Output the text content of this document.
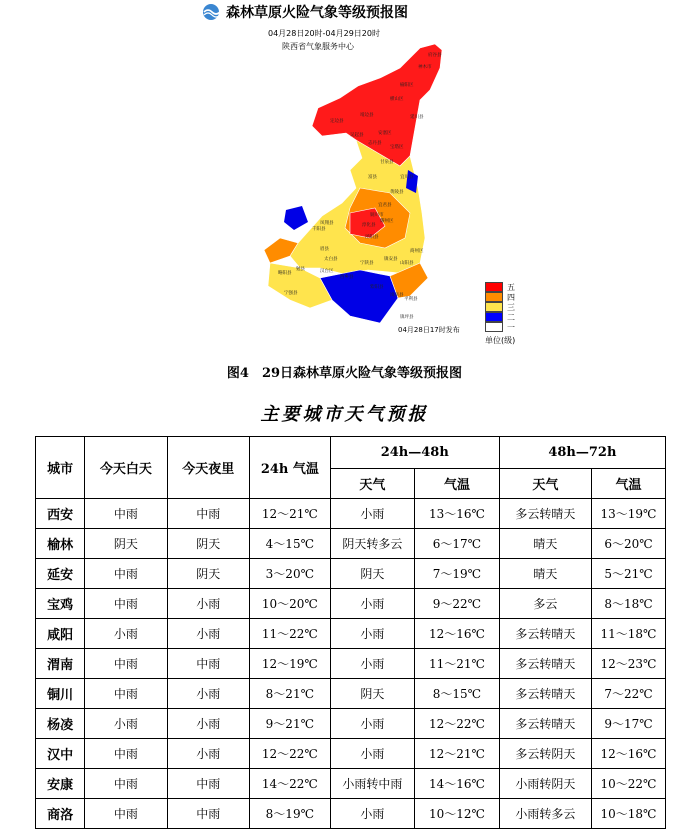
森林草原火险气象等级预报图
04月28日20时-04月29日20时
陕西省气象服务中心
府谷县
神木市
榆阳区
横山区
靖边县
定边县
吴起县
志丹县
安塞区
延川县
宝塔区
甘泉县
富县	宜川县
黄陵县
宜君县
铜川市
耀州区
淳化县
泾阳县
千阳县
凤翔县
眉县
太白县
宁陕县
镇安县
山阳县
商州区
西乡县
汉台区
勉县
略阳县
宁强县
紫阳县
岚皋县
平利县
镇坪县
五
四
三
二
一
单位(级)
04月28日17时发布
图4　29日森林草原火险气象等级预报图
主要城市天气预报
城市	今天白天	今天夜里	24h 气温	24h—48h		48h—72h	
				天气	气温	天气	气温
西安	中雨	中雨	12～21℃	小雨	13～16℃	多云转晴天	13～19℃
榆林	阴天	阴天	4～15℃	阴天转多云	6～17℃	晴天	6～20℃
延安	中雨	阴天	3～20℃	阴天	7～19℃	晴天	5～21℃
宝鸡	中雨	小雨	10～20℃	小雨	9～22℃	多云	8～18℃
咸阳	小雨	小雨	11～22℃	小雨	12～16℃	多云转晴天	11～18℃
渭南	中雨	中雨	12～19℃	小雨	11～21℃	多云转晴天	12～23℃
铜川	中雨	小雨	8～21℃	阴天	8～15℃	多云转晴天	7～22℃
杨凌	小雨	小雨	9～21℃	小雨	12～22℃	多云转晴天	9～17℃
汉中	中雨	小雨	12～22℃	小雨	12～21℃	多云转阴天	12～16℃
安康	中雨	中雨	14～22℃	小雨转中雨	14～16℃	小雨转阴天	10～22℃
商洛	中雨	中雨	8～19℃	小雨	10～12℃	小雨转多云	10～18℃
